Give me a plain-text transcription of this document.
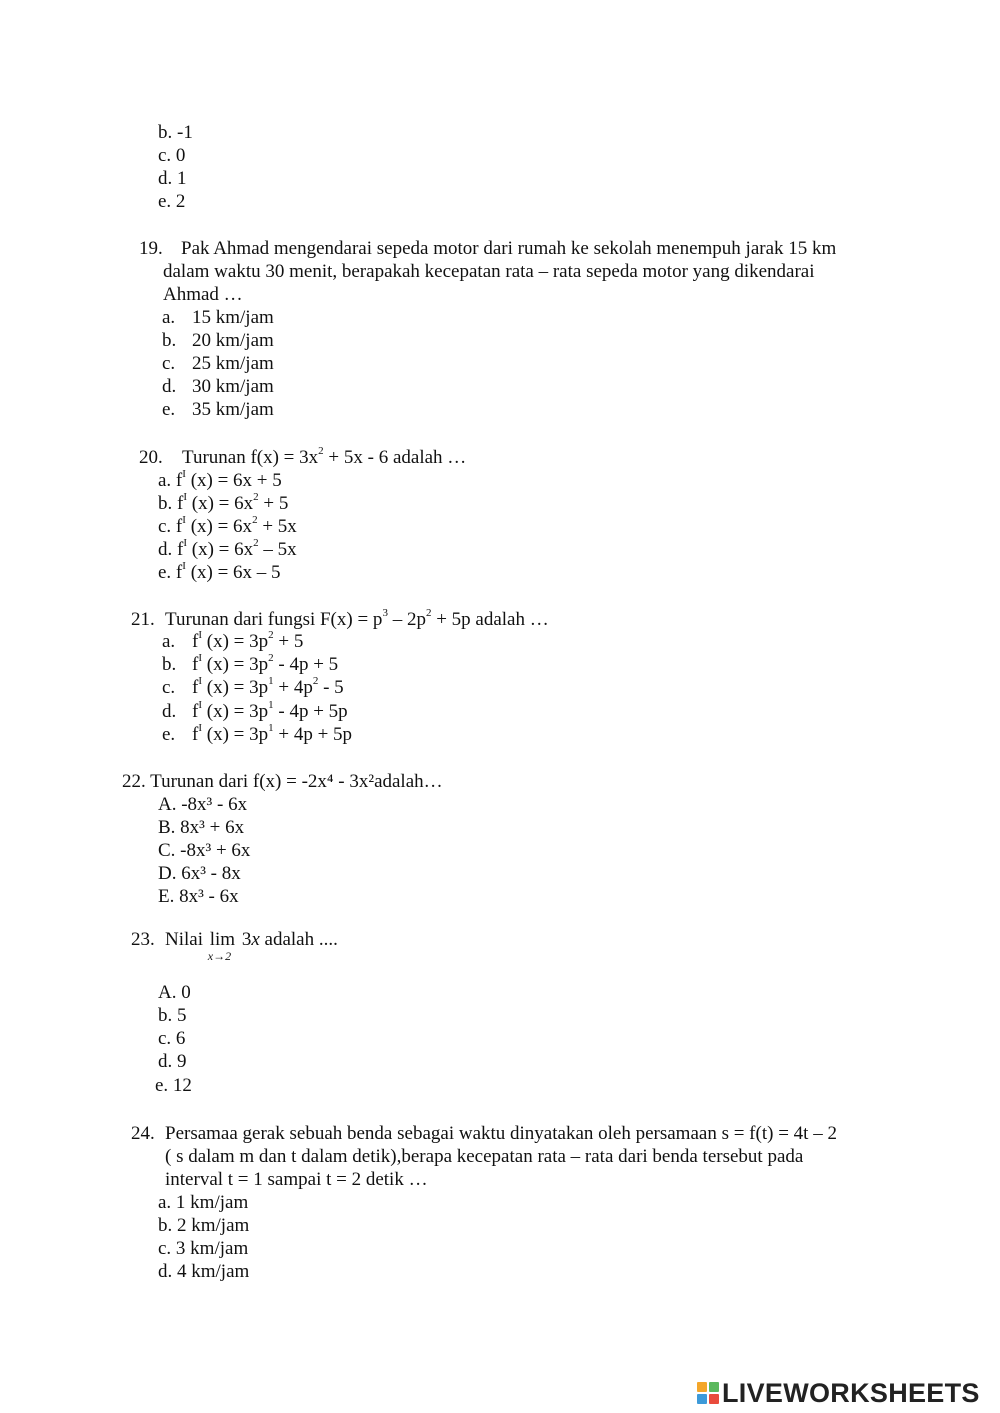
b. -1
c. 0
d. 1
e. 2
19. Pak Ahmad mengendarai sepeda motor dari rumah ke sekolah menempuh jarak 15 km
dalam waktu 30 menit, berapakah kecepatan rata – rata sepeda motor yang dikendarai
Ahmad …
a. 15 km/jam
b. 20 km/jam
c. 25 km/jam
d. 30 km/jam
e. 35 km/jam
20. Turunan $f(x) = 3x^2 + 5x - 6$ adalah …
a. $f^I$ (x) = 6x + 5
b. $f^I$ $(x) = 6x^2 + 5$
c. $f^I$ $(x) = 6x^2 + 5x$
d. $f^I$ $(x) = 6x^2 - 5x$
e. $f^I$ (x) = 6x – 5
21. Turunan dari fungsi $F(x) = p^3 - 2p^2 + 5p$ adalah …
a. $f^I$ $(x) = 3p^2 + 5$
b. $f^I$ $(x) = 3p^2 - 4p + 5$
c. $f^I$ $(x) = 3p^1 + 4p^2 - 5$
d. $f^I$ $(x) = 3p^1 - 4p + 5p$
e. $f^I$ $(x) = 3p^1 + 4p + 5p$
22. Turunan dari f(x) = -2x⁴ - 3x²adalah…
A. -8x³ - 6x
B. 8x³ + 6x
C. -8x³ + 6x
D. 6x³ - 8x
E. 8x³ - 6x
23. Nilai lim
x→2
3x adalah ....
A. 0
b. 5
c. 6
d. 9
e. 12
24. Persamaa gerak sebuah benda sebagai waktu dinyatakan oleh persamaan s = f(t) = 4t – 2
( s dalam m dan t dalam detik),berapa kecepatan rata – rata dari benda tersebut pada
interval t = 1 sampai t = 2 detik …
a. 1 km/jam
b. 2 km/jam
c. 3 km/jam
d. 4 km/jam
LIVEWORKSHEETS
